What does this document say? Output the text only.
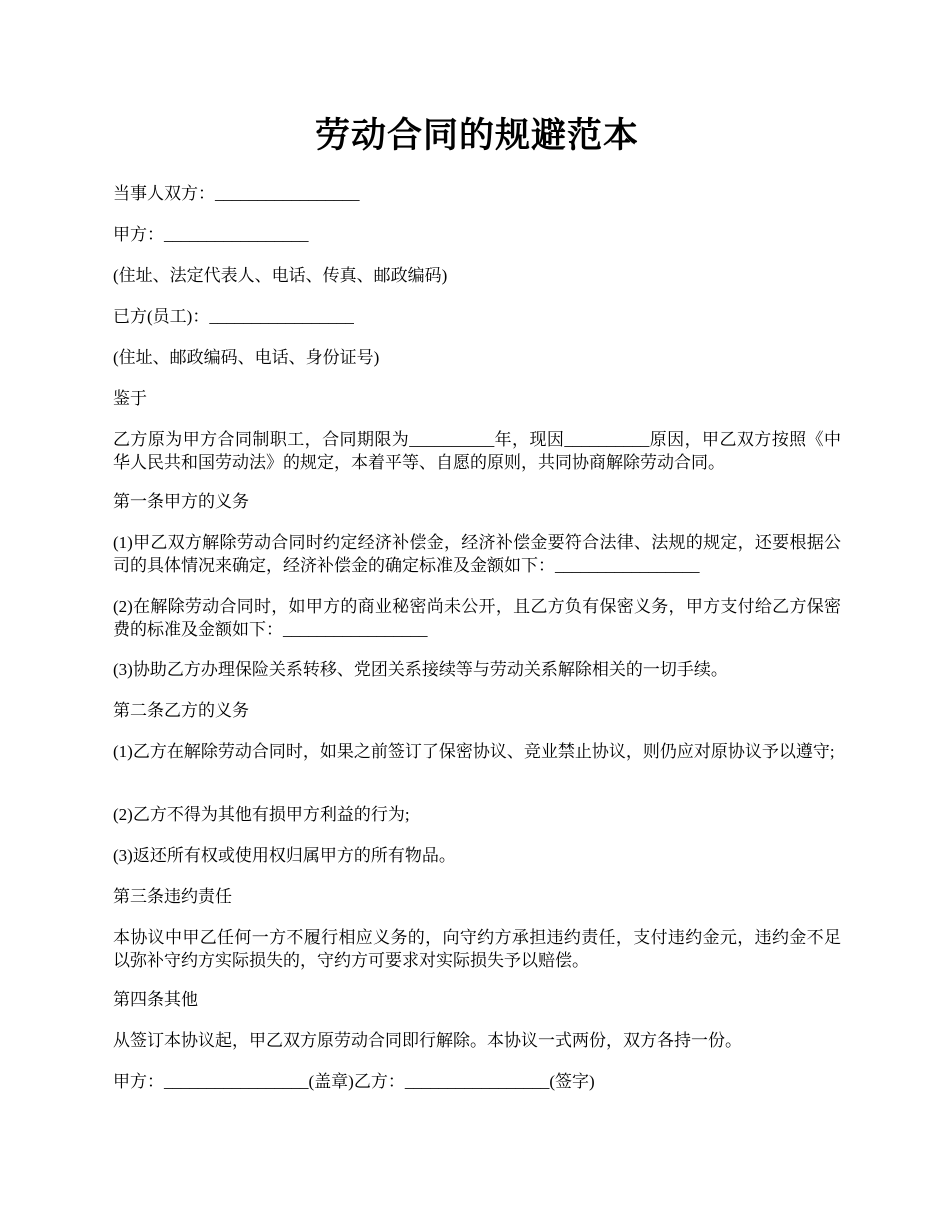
劳动合同的规避范本

当事人双方：_________________

甲方：_________________

(住址、法定代表人、电话、传真、邮政编码)

已方(员工)：_________________

(住址、邮政编码、电话、身份证号)

鉴于

乙方原为甲方合同制职工，合同期限为__________年，现因__________原因，甲乙双方按照《中华人民共和国劳动法》的规定，本着平等、自愿的原则，共同协商解除劳动合同。

第一条甲方的义务

(1)甲乙双方解除劳动合同时约定经济补偿金，经济补偿金要符合法律、法规的规定，还要根据公司的具体情况来确定，经济补偿金的确定标准及金额如下：_________________

(2)在解除劳动合同时，如甲方的商业秘密尚未公开，且乙方负有保密义务，甲方支付给乙方保密费的标准及金额如下：_________________

(3)协助乙方办理保险关系转移、党团关系接续等与劳动关系解除相关的一切手续。

第二条乙方的义务

(1)乙方在解除劳动合同时，如果之前签订了保密协议、竞业禁止协议，则仍应对原协议予以遵守;

(2)乙方不得为其他有损甲方利益的行为;

(3)返还所有权或使用权归属甲方的所有物品。

第三条违约责任

本协议中甲乙任何一方不履行相应义务的，向守约方承担违约责任，支付违约金元，违约金不足以弥补守约方实际损失的，守约方可要求对实际损失予以赔偿。

第四条其他

从签订本协议起，甲乙双方原劳动合同即行解除。本协议一式两份，双方各持一份。

甲方：_________________(盖章)乙方：_________________(签字)
